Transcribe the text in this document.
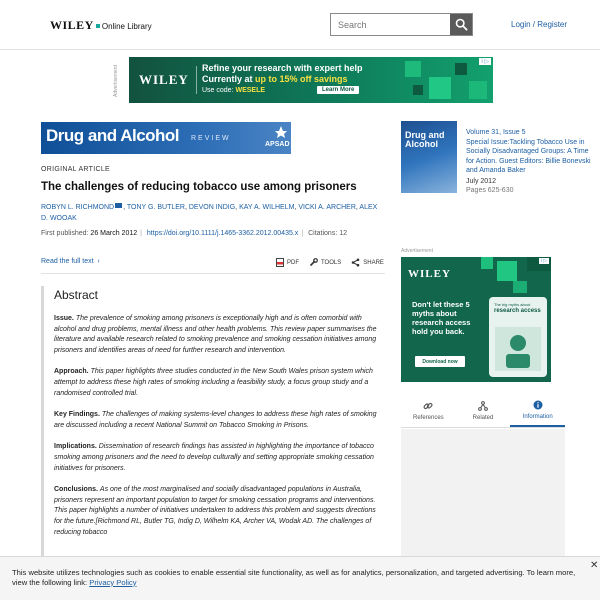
WILEY Online Library
Search	Login / Register
Advertisement WILEY
Refine your research with expert help
Currently at up to 15% off savings
Use code: WESELE	Learn More
i ▷
Drug and Alcohol REVIEW
APSAD
ORIGINAL ARTICLE
The challenges of reducing tobacco use among prisoners
ROBYN L. RICHMOND , TONY G. BUTLER, DEVON INDIG, KAY A. WILHELM, VICKI A. ARCHER, ALEX D. WOOAK
First published: 26 March 2012 | https://doi.org/10.1111/j.1465-3362.2012.00435.x | Citations: 12
Read the full text  ›	PDF	TOOLS	SHARE
Abstract

Issue. The prevalence of smoking among prisoners is exceptionally high and is often comorbid with alcohol and drug problems, mental illness and other health problems. This review paper summarises the literature and available research related to smoking prevalence and smoking cessation initiatives among prisoners and identifies areas of need for further research and intervention.

Approach. This paper highlights three studies conducted in the New South Wales prison system which attempt to address these high rates of smoking including a feasibility study, a focus group study and a randomised controlled trial.

Key Findings. The challenges of making systems-level changes to address these high rates of smoking are discussed including a recent National Summit on Tobacco Smoking in Prisons.

Implications. Dissemination of research findings has assisted in highlighting the importance of tobacco smoking among prisoners and the need to develop culturally and setting appropriate smoking cessation initiatives for prisoners.

Conclusions. As one of the most marginalised and socially disadvantaged populations in Australia, prisoners represent an important population to target for smoking cessation programs and interventions. This paper highlights a number of initiatives undertaken to address this problem and suggests directions for the future.[Richmond RL, Butler TG, Indig D, Wilhelm KA, Archer VA, Wodak AD. The challenges of reducing tobacco

Drug and Alcohol
Volume 31, Issue 5
Special Issue:Tackling Tobacco Use in Socially Disadvantaged Groups: A Time for Action. Guest Editors: Billie Bonevski and Amanda Baker
July 2012
Pages 625-630
Advertisement
WILEY
Don't let these 5 myths about research access hold you back.
Download now
The big myths about
research access
i ▷
References	Related	Information
This website utilizes technologies such as cookies to enable essential site functionality, as well as for analytics, personalization, and targeted advertising. To learn more, view the following link: Privacy Policy
✕
